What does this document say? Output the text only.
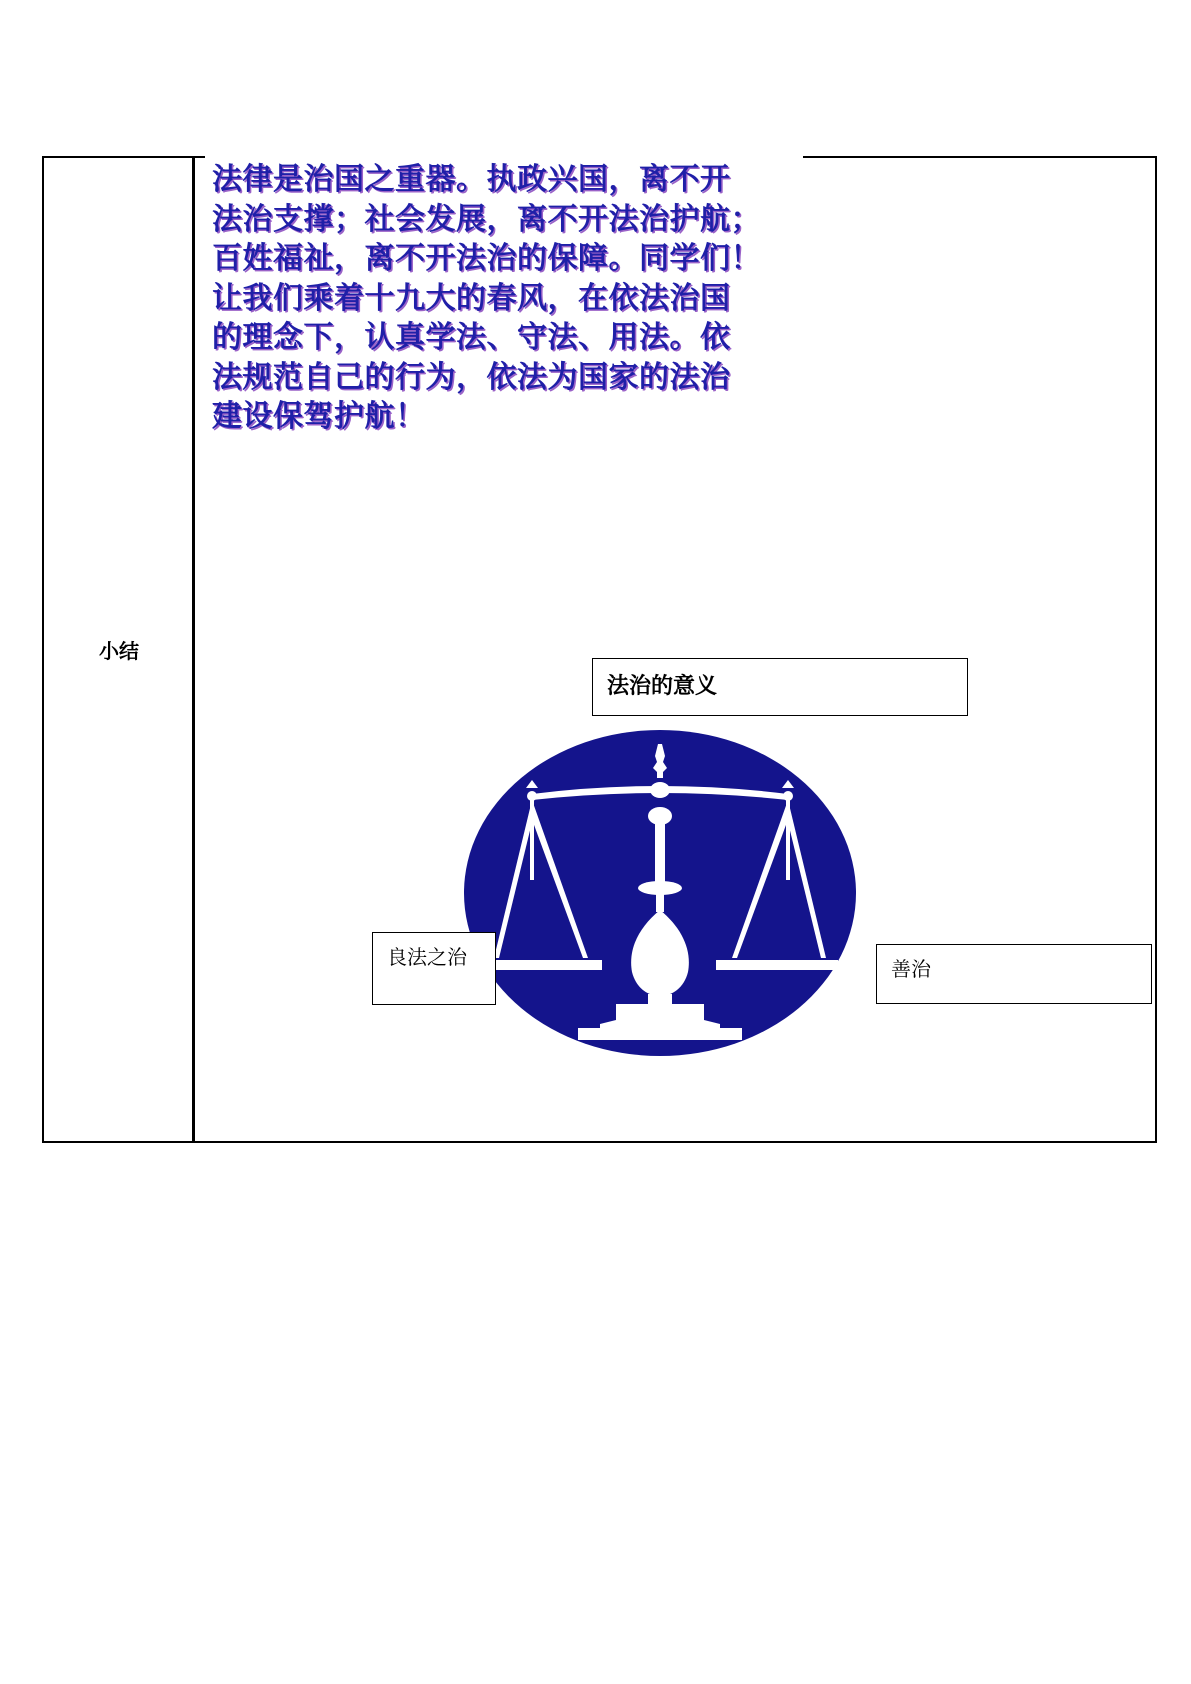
小结
法律是治国之重器。执政兴国，离不开
法治支撑；社会发展，离不开法治护航；
百姓福祉，离不开法治的保障。同学们！
让我们乘着十九大的春风，在依法治国
的理念下，认真学法、守法、用法。依
法规范自己的行为，依法为国家的法治
建设保驾护航！
法治的意义
良法之治	善治
